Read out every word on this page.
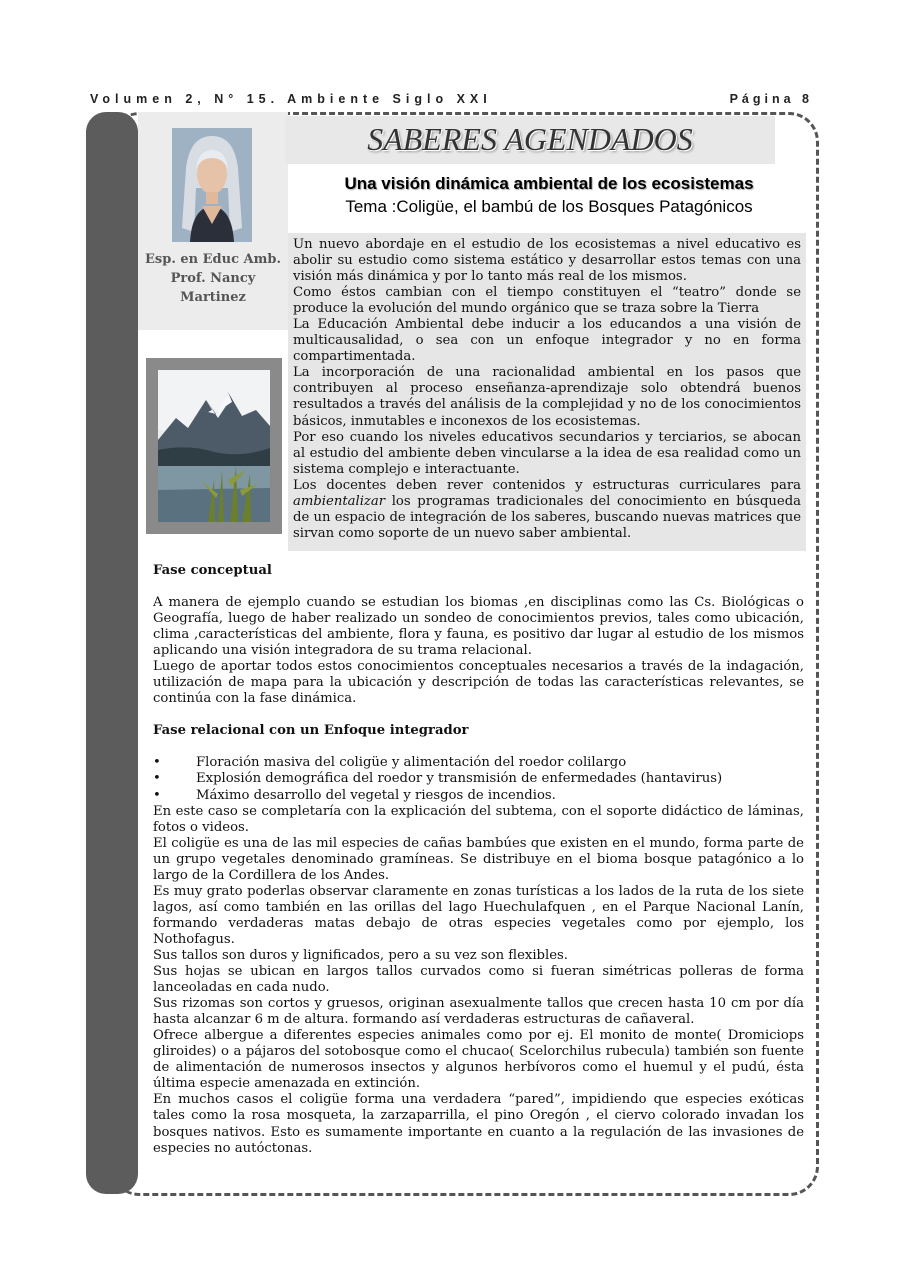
Volumen 2, N° 15. Ambiente Siglo XXI	Página 8
SABERES AGENDADOS
Esp. en Educ Amb.
Prof. Nancy
Martinez
Una visión dinámica ambiental de los ecosistemas
Tema :Coligüe, el bambú de los Bosques Patagónicos

Un nuevo abordaje en el estudio de los ecosistemas a nivel educativo es abolir su estudio como sistema estático y desarrollar estos temas con una visión más dinámica y por lo tanto más real de los mismos.

Como éstos cambian con el tiempo constituyen el “teatro” donde se produce la evolución del mundo orgánico que se traza sobre la Tierra

La Educación Ambiental debe inducir a los educandos a una visión de multicausalidad, o sea con un enfoque integrador y no en forma compartimentada.

La incorporación de una racionalidad ambiental en los pasos que contribuyen al proceso enseñanza-aprendizaje solo obtendrá buenos resultados a través del análisis de la complejidad y no de los conocimientos básicos, inmutables e inconexos de los ecosistemas.

Por eso cuando los niveles educativos secundarios y terciarios, se abocan al estudio del ambiente deben vincularse a la idea de esa realidad como un sistema complejo e interactuante.

Los docentes deben rever contenidos y estructuras curriculares para ambientalizar los programas tradicionales del conocimiento en búsqueda de un espacio de integración de los saberes, buscando nuevas matrices que sirvan como soporte de un nuevo saber ambiental.

Fase conceptual

A manera de ejemplo cuando se estudian los biomas ,en disciplinas como las Cs. Biológicas o Geografía, luego de haber realizado un sondeo de conocimientos previos, tales como ubicación, clima ,características del ambiente, flora y fauna, es positivo dar lugar al estudio de los mismos aplicando una visión integradora de su trama relacional.

Luego de aportar todos estos conocimientos conceptuales necesarios a través de la indagación, utilización de mapa para la ubicación y descripción de todas las características relevantes, se continúa con la fase dinámica.

Fase relacional con un Enfoque integrador

•	Floración masiva del coligüe y alimentación del roedor colilargo
•	Explosión demográfica del roedor y transmisión de enfermedades (hantavirus)
•	Máximo desarrollo del vegetal y riesgos de incendios.

En este caso se completaría con la explicación del subtema, con el soporte didáctico de láminas, fotos o videos.

El coligüe es una de las mil especies de cañas bambúes que existen en el mundo, forma parte de un grupo vegetales denominado gramíneas. Se distribuye en el bioma bosque patagónico a lo largo de la Cordillera de los Andes.

Es muy grato poderlas observar claramente en zonas turísticas a los lados de la ruta de los siete lagos, así como también en las orillas del lago Huechulafquen , en el Parque Nacional Lanín, formando verdaderas matas debajo de otras especies vegetales como por ejemplo, los Nothofagus.

Sus tallos son duros y lignificados, pero a su vez son flexibles.

Sus hojas se ubican en largos tallos curvados como si fueran simétricas polleras de forma lanceoladas en cada nudo.

Sus rizomas son cortos y gruesos, originan asexualmente tallos que crecen hasta 10 cm por día hasta alcanzar 6 m de altura. formando así verdaderas estructuras de cañaveral.

Ofrece albergue a diferentes especies animales como por ej. El monito de monte( Dromiciops gliroides) o a pájaros del sotobosque como el chucao( Scelorchilus rubecula) también son fuente de alimentación de numerosos insectos y algunos herbívoros como el huemul y el pudú, ésta última especie amenazada en extinción.

En muchos casos el coligüe forma una verdadera “pared”, impidiendo que especies exóticas tales como la rosa mosqueta, la zarzaparrilla, el pino Oregón , el ciervo colorado invadan los bosques nativos. Esto es sumamente importante en cuanto a la regulación de las invasiones de especies no autóctonas.
